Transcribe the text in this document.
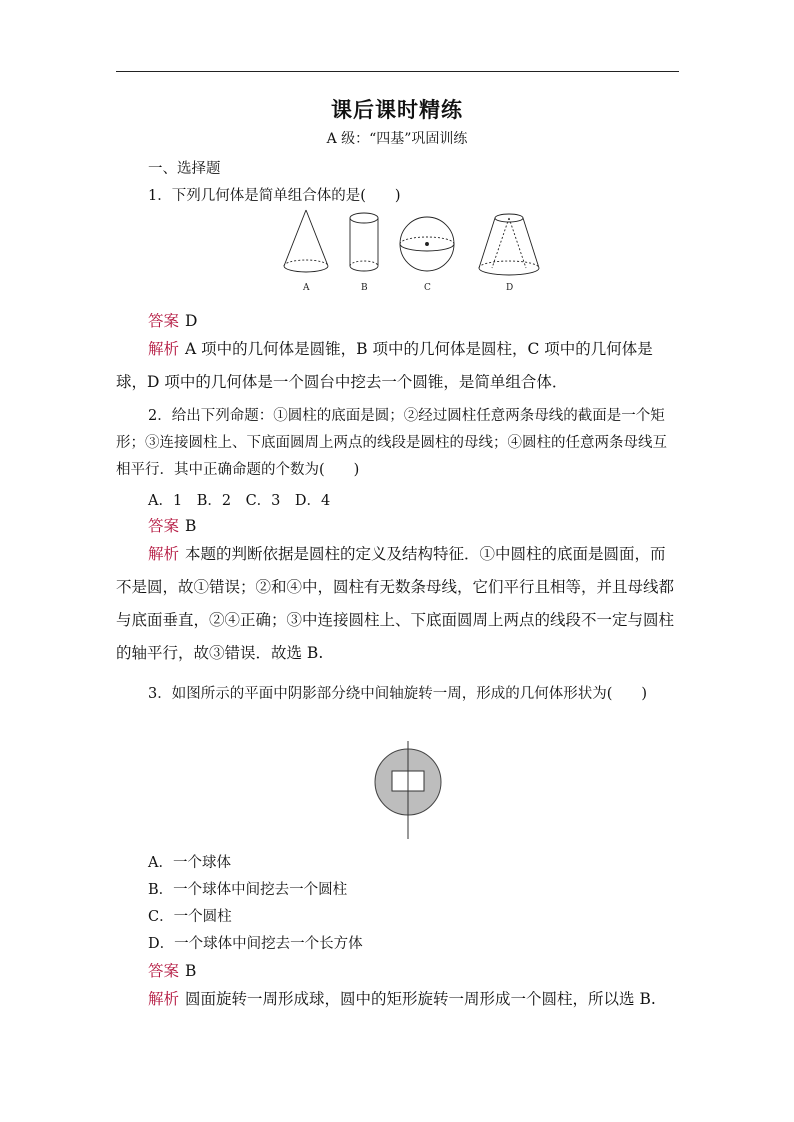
课后课时精练
A 级：“四基”巩固训练
一、选择题
1．下列几何体是简单组合体的是(　　)
A	B	C	D
答案 D
解析 A 项中的几何体是圆锥，B 项中的几何体是圆柱，C 项中的几何体是球，D 项中的几何体是一个圆台中挖去一个圆锥，是简单组合体．
2．给出下列命题：①圆柱的底面是圆；②经过圆柱任意两条母线的截面是一个矩形；③连接圆柱上、下底面圆周上两点的线段是圆柱的母线；④圆柱的任意两条母线互相平行．其中正确命题的个数为(　　)
A．1　B．2　C．3　D．4
答案 B
解析 本题的判断依据是圆柱的定义及结构特征．①中圆柱的底面是圆面，而不是圆，故①错误；②和④中，圆柱有无数条母线，它们平行且相等，并且母线都与底面垂直，②④正确；③中连接圆柱上、下底面圆周上两点的线段不一定与圆柱的轴平行，故③错误．故选 B.
3．如图所示的平面中阴影部分绕中间轴旋转一周，形成的几何体形状为(　　)
A．一个球体
B．一个球体中间挖去一个圆柱
C．一个圆柱
D．一个球体中间挖去一个长方体
答案 B
解析 圆面旋转一周形成球，圆中的矩形旋转一周形成一个圆柱，所以选 B.
